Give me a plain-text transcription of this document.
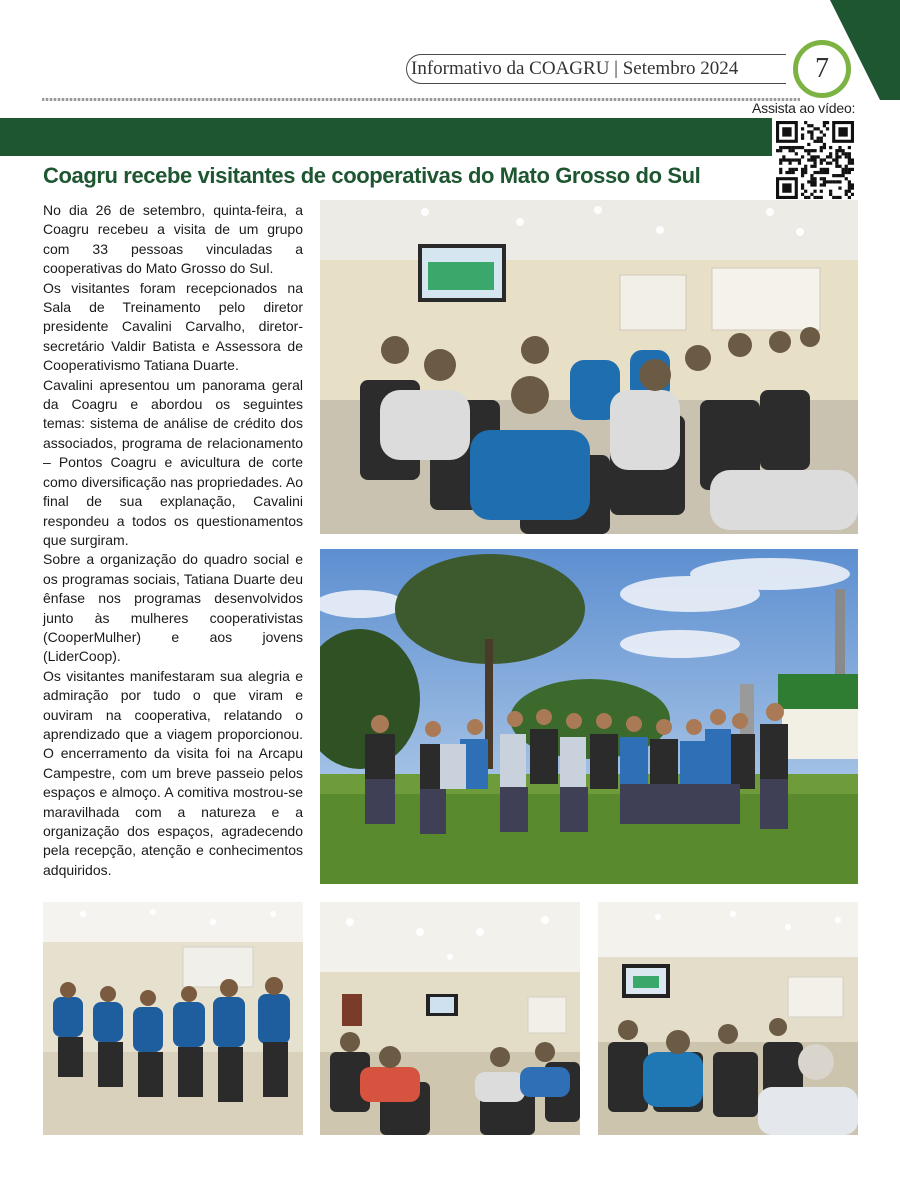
Informativo da COAGRU | Setembro 2024	7
Assista ao vídeo:
Coagru recebe visitantes de cooperativas do Mato Grosso do Sul

No dia 26 de setembro, quinta-feira, a Coagru recebeu a visita de um grupo com 33 pessoas vinculadas a cooperativas do Mato Grosso do Sul.

Os visitantes foram recepcionados na Sala de Treinamento pelo diretor presidente Cavalini Carvalho, diretor-secretário Valdir Batista e Assessora de Cooperativismo Tatiana Duarte.

Cavalini apresentou um panorama geral da Coagru e abordou os seguintes temas: sistema de análise de crédito dos associados, programa de relacionamento – Pontos Coagru e avicultura de corte como diversificação nas propriedades. Ao final de sua explanação, Cavalini respondeu a todos os questionamentos que surgiram.

Sobre a organização do quadro social e os programas sociais, Tatiana Duarte deu ênfase nos programas desenvolvidos junto às mulheres cooperativistas (CooperMulher) e aos jovens (LiderCoop).

Os visitantes manifestaram sua alegria e admiração por tudo o que viram e ouviram na cooperativa, relatando o aprendizado que a viagem proporcionou. O encerramento da visita foi na Arcapu Campestre, com um breve passeio pelos espaços e almoço. A comitiva mostrou-se maravilhada com a natureza e a organização dos espaços, agradecendo pela recepção, atenção e conhecimentos adquiridos.
